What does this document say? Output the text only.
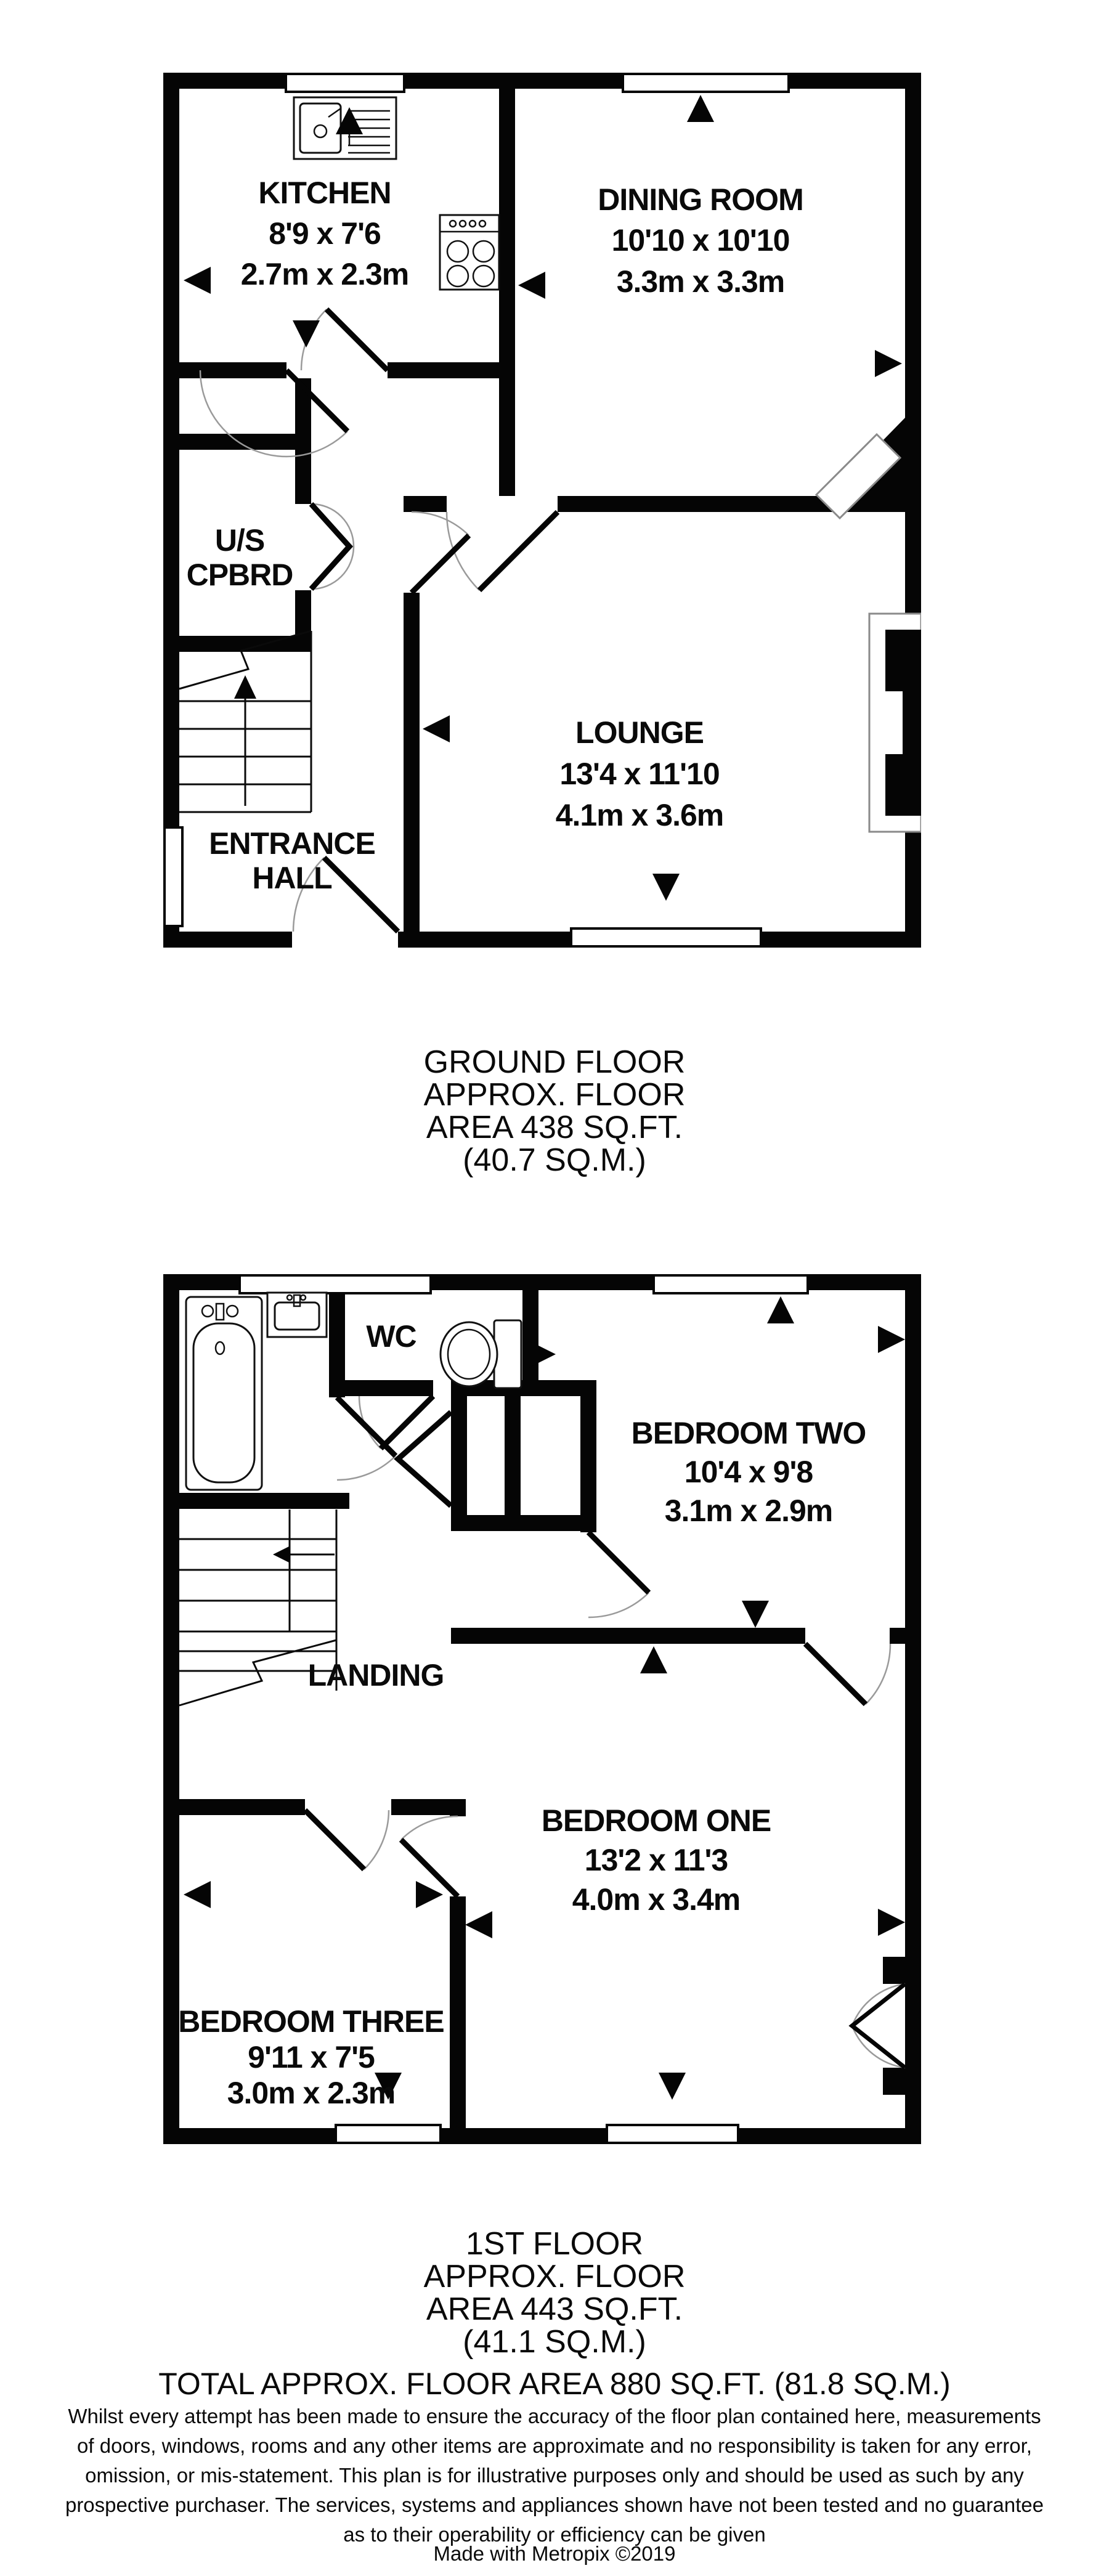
KITCHEN
8'9 x 7'6
2.7m x 2.3m
DINING ROOM
10'10 x 10'10
3.3m x 3.3m
U/S
CPBRD
ENTRANCE
HALL
LOUNGE
13'4 x 11'10
4.1m x 3.6m
WC
BEDROOM TWO
10'4 x 9'8
3.1m x 2.9m
LANDING
BEDROOM ONE
13'2 x 11'3
4.0m x 3.4m
BEDROOM THREE
9'11 x 7'5
3.0m x 2.3m
GROUND FLOOR
APPROX. FLOOR
AREA 438 SQ.FT.
(40.7 SQ.M.)
1ST FLOOR
APPROX. FLOOR
AREA 443 SQ.FT.
(41.1 SQ.M.)
TOTAL APPROX. FLOOR AREA 880 SQ.FT. (81.8 SQ.M.)
Whilst every attempt has been made to ensure the accuracy of the floor plan contained here, measurements
of doors, windows, rooms and any other items are approximate and no responsibility is taken for any error,
omission, or mis-statement. This plan is for illustrative purposes only and should be used as such by any
prospective purchaser. The services, systems and appliances shown have not been tested and no guarantee
as to their operability or efficiency can be given
Made with Metropix ©2019
